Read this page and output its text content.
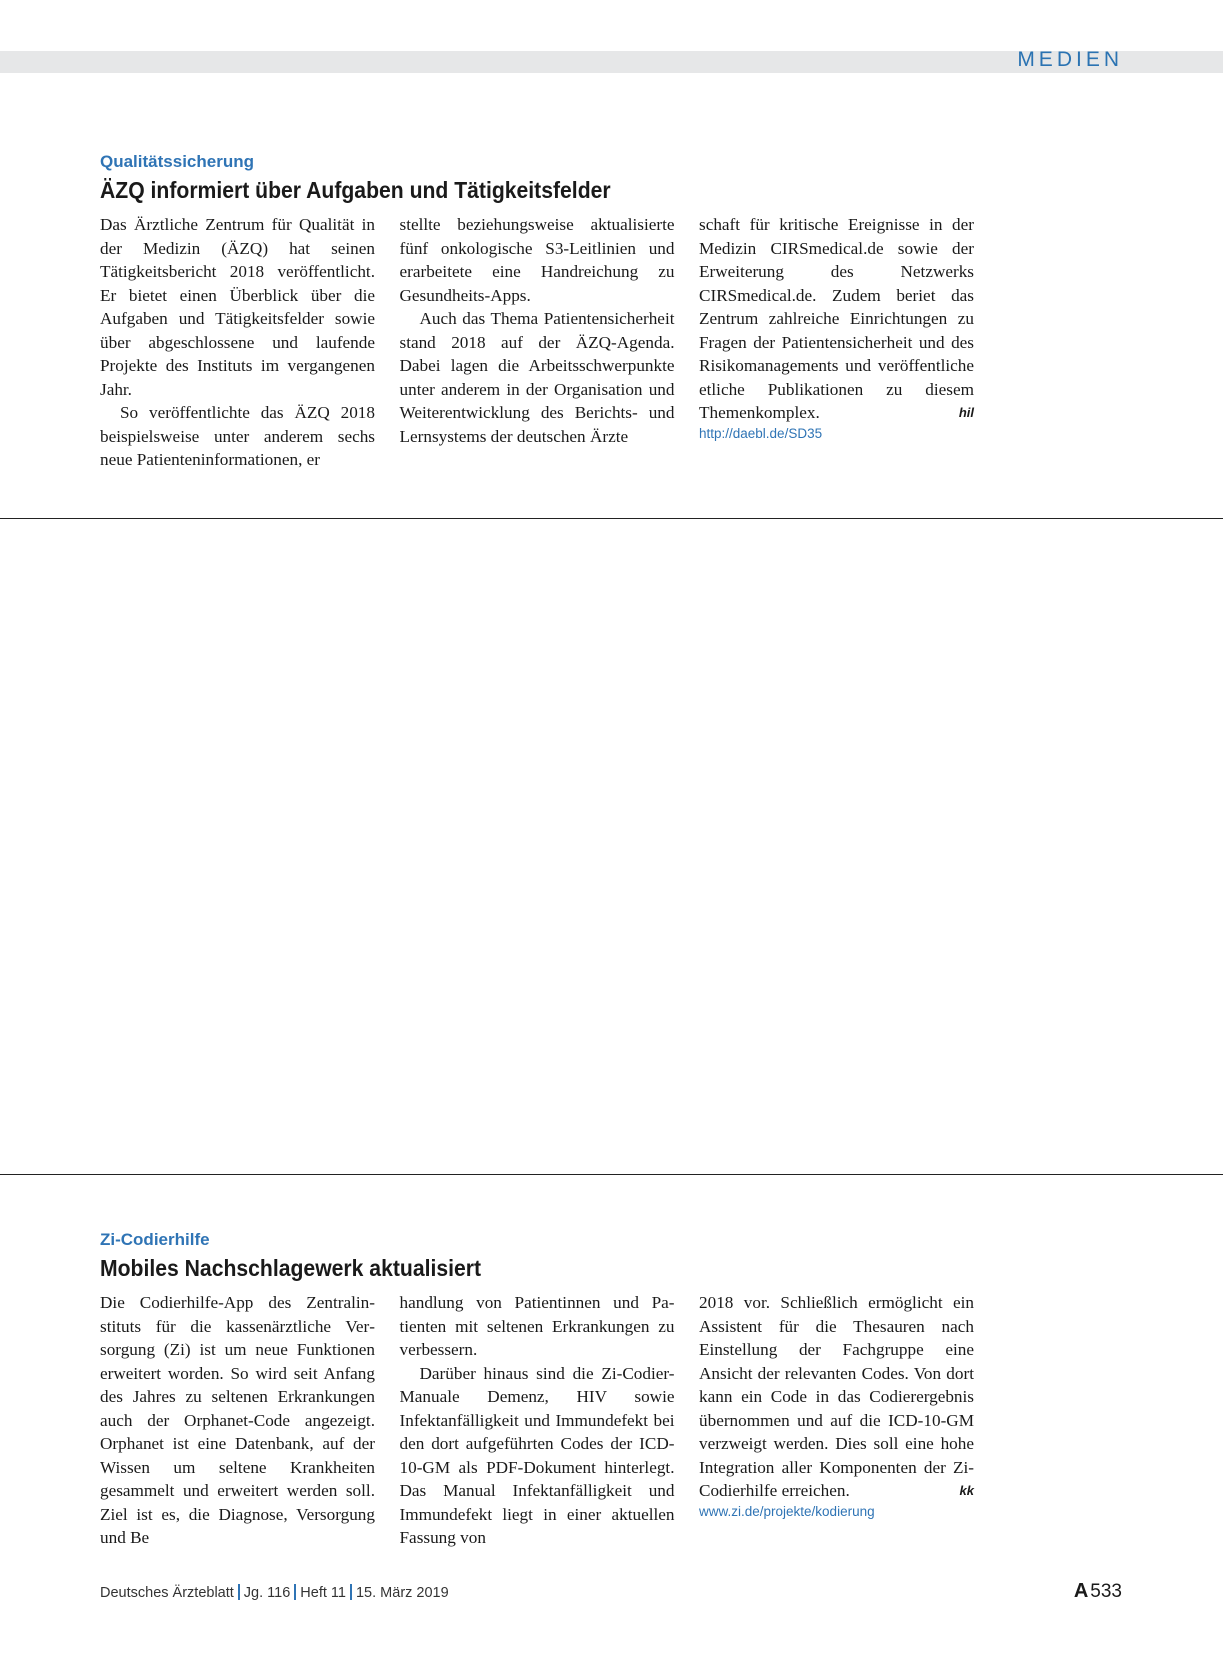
MEDIEN

Qualitätssicherung

ÄZQ informiert über Aufgaben und Tätigkeitsfelder

Das Ärztliche Zentrum für Qualität in der Medizin (ÄZQ) hat seinen Tätigkeitsbericht 2018 veröffentlicht. Er bietet einen Überblick über die Aufgaben und Tätigkeitsfelder sowie über abgeschlossene und laufende Projekte des Instituts im vergangenen Jahr.

So veröffentlichte das ÄZQ 2018 beispielsweise unter anderem sechs neue Patienteninformationen, er

stellte beziehungsweise aktualisierte fünf onkologische S3-Leitlinien und erarbeitete eine Handreichung zu Gesundheits-Apps.

Auch das Thema Patientensicherheit stand 2018 auf der ÄZQ-Agenda. Dabei lagen die Arbeitsschwerpunkte unter anderem in der Organisation und Weiterentwicklung des Berichts- und Lernsystems der deutschen Ärzte

schaft für kritische Ereignisse in der Medizin CIRSmedical.de sowie der Erweiterung des Netzwerks CIRSmedical.de. Zudem beriet das Zentrum zahlreiche Einrichtungen zu Fragen der Patientensicherheit und des Risikomanagements und veröffentliche etliche Publikationen zu diesem Themenkomplex.	hil

http://daebl.de/SD35

Zi-Codierhilfe

Mobiles Nachschlagewerk aktualisiert

Die Codierhilfe-App des Zentralinstituts für die kassenärztliche Versorgung (Zi) ist um neue Funktionen erweitert worden. So wird seit Anfang des Jahres zu seltenen Erkrankungen auch der Orphanet-Code angezeigt. Orphanet ist eine Datenbank, auf der Wissen um seltene Krankheiten gesammelt und erweitert werden soll. Ziel ist es, die Diagnose, Versorgung und Be

handlung von Patientinnen und Patienten mit seltenen Erkrankungen zu verbessern.

Darüber hinaus sind die Zi-Codier-Manuale Demenz, HIV sowie Infektanfälligkeit und Immundefekt bei den dort aufgeführten Codes der ICD-10-GM als PDF-Dokument hinterlegt. Das Manual Infektanfälligkeit und Immundefekt liegt in einer aktuellen Fassung von

2018 vor. Schließlich ermöglicht ein Assistent für die Thesauren nach Einstellung der Fachgruppe eine Ansicht der relevanten Codes. Von dort kann ein Code in das Codierergebnis übernommen und auf die ICD-10-GM verzweigt werden. Dies soll eine hohe Integration aller Komponenten der Zi-Codierhilfe erreichen.	kk

www.zi.de/projekte/kodierung
Deutsches Ärzteblatt Jg. 116 Heft 11 15. März 2019	A 533
